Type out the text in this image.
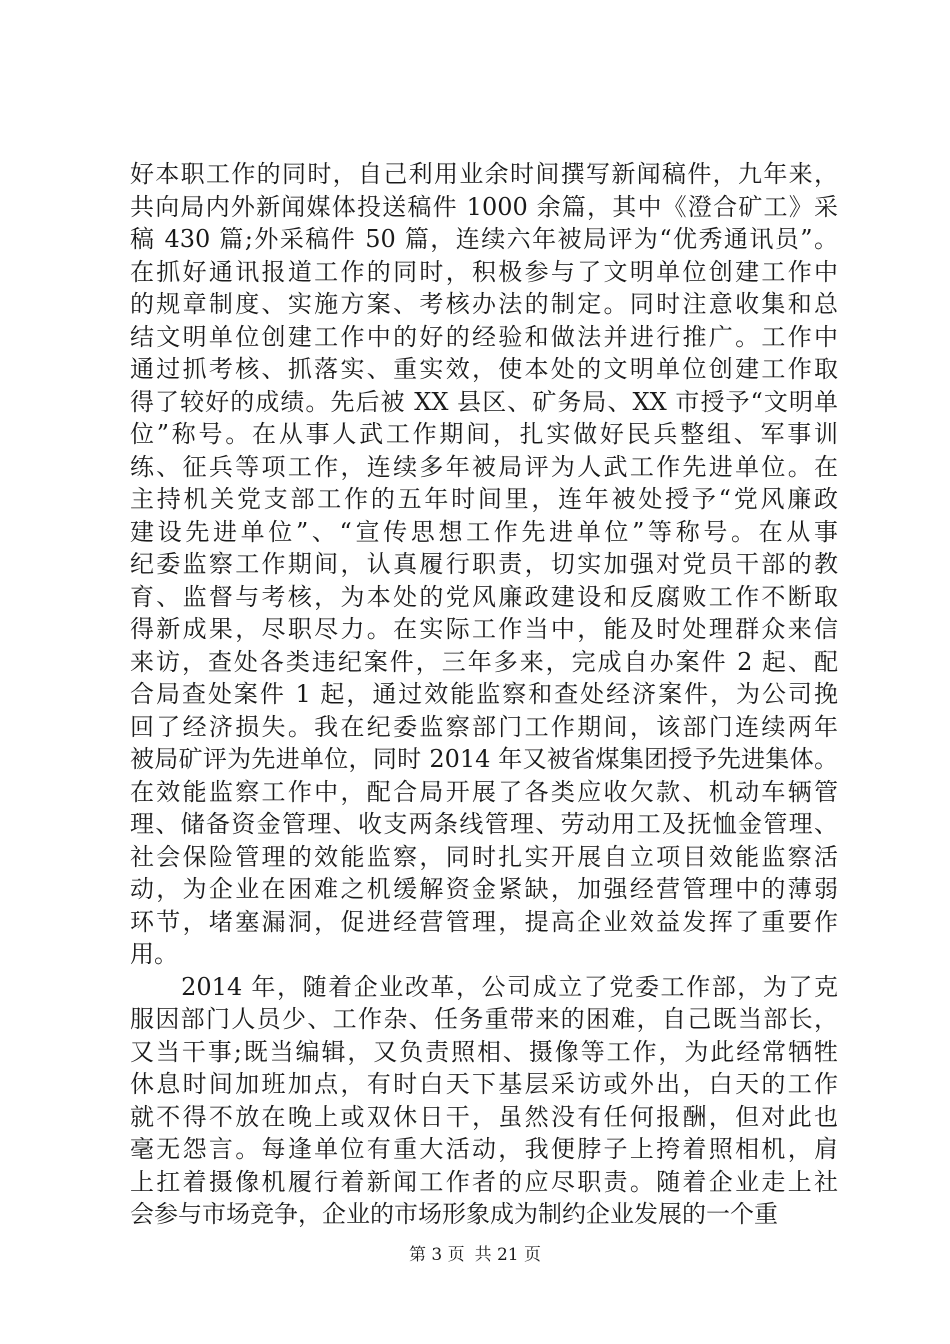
好本职工作的同时，自己利用业余时间撰写新闻稿件，九年来，
共向局内外新闻媒体投送稿件 1000 余篇，其中《澄合矿工》采
稿 430 篇;外采稿件 50 篇，连续六年被局评为“优秀通讯员”。
在抓好通讯报道工作的同时，积极参与了文明单位创建工作中
的规章制度、实施方案、考核办法的制定。同时注意收集和总
结文明单位创建工作中的好的经验和做法并进行推广。工作中
通过抓考核、抓落实、重实效，使本处的文明单位创建工作取
得了较好的成绩。先后被 XX 县区、矿务局、XX 市授予“文明单
位”称号。在从事人武工作期间，扎实做好民兵整组、军事训
练、征兵等项工作，连续多年被局评为人武工作先进单位。在
主持机关党支部工作的五年时间里，连年被处授予“党风廉政
建设先进单位”、“宣传思想工作先进单位”等称号。在从事
纪委监察工作期间，认真履行职责，切实加强对党员干部的教
育、监督与考核，为本处的党风廉政建设和反腐败工作不断取
得新成果，尽职尽力。在实际工作当中，能及时处理群众来信
来访，查处各类违纪案件，三年多来，完成自办案件 2 起、配
合局查处案件 1 起，通过效能监察和查处经济案件，为公司挽
回了经济损失。我在纪委监察部门工作期间，该部门连续两年
被局矿评为先进单位，同时 2014 年又被省煤集团授予先进集体。
在效能监察工作中，配合局开展了各类应收欠款、机动车辆管
理、储备资金管理、收支两条线管理、劳动用工及抚恤金管理、
社会保险管理的效能监察，同时扎实开展自立项目效能监察活
动，为企业在困难之机缓解资金紧缺，加强经营管理中的薄弱
环节，堵塞漏洞，促进经营管理，提高企业效益发挥了重要作
用。
　　2014 年，随着企业改革，公司成立了党委工作部，为了克
服因部门人员少、工作杂、任务重带来的困难，自己既当部长，
又当干事;既当编辑，又负责照相、摄像等工作，为此经常牺牲
休息时间加班加点，有时白天下基层采访或外出，白天的工作
就不得不放在晚上或双休日干，虽然没有任何报酬，但对此也
毫无怨言。每逢单位有重大活动，我便脖子上挎着照相机，肩
上扛着摄像机履行着新闻工作者的应尽职责。随着企业走上社
会参与市场竞争，企业的市场形象成为制约企业发展的一个重
第 3 页 共 21 页
